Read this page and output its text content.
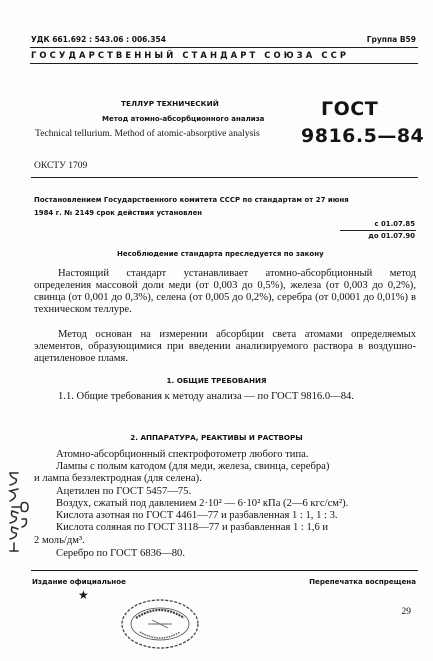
УДК 661.692 : 543.06 : 006.354	Группа В59
ГОСУДАРСТВЕННЫЙ СТАНДАРТ СОЮЗА ССР
ТЕЛЛУР ТЕХНИЧЕСКИЙ
Метод атомно-абсорбционного анализа
Technical tellurium. Method of atomic-absorptive analysis
ГОСТ
9816.5—84
ОКСТУ 1709
Постановлением Государственного комитета СССР по стандартам от 27 июня
1984 г. № 2149 срок действия установлен
с 01.07.85
до 01.07.90
Несоблюдение стандарта преследуется по закону
Настоящий стандарт устанавливает атомно-абсорбционный метод определения массовой доли меди (от 0,003 до 0,5%), железа (от 0,003 до 0,2%), свинца (от 0,001 до 0,3%), селена (от 0,005 до 0,2%), серебра (от 0,0001 до 0,01%) в техническом теллуре.
Метод основан на измерении абсорбции света атомами определяемых элементов, образующимися при введении анализируемого раствора в воздушно-ацетиленовое пламя.
1. ОБЩИЕ ТРЕБОВАНИЯ
1.1. Общие требования к методу анализа — по ГОСТ 9816.0—84.
2. АППАРАТУРА, РЕАКТИВЫ И РАСТВОРЫ
Атомно-абсорбционный спектрофотометр любого типа.
Лампы с полым катодом (для меди, железа, свинца, серебра)
и лампа безэлектродная (для селена).
Ацетилен по ГОСТ 5457—75.
Воздух, сжатый под давлением 2·10² — 6·10² кПа (2—6 кгс/см²).
Кислота азотная по ГОСТ 4461—77 и разбавленная 1 : 1, 1 : 3.
Кислота соляная по ГОСТ 3118—77 и разбавленная 1 : 1,6 и
2 моль/дм³.
Серебро по ГОСТ 6836—80.
Издание официальное	Перепечатка воспрещена
★
29
